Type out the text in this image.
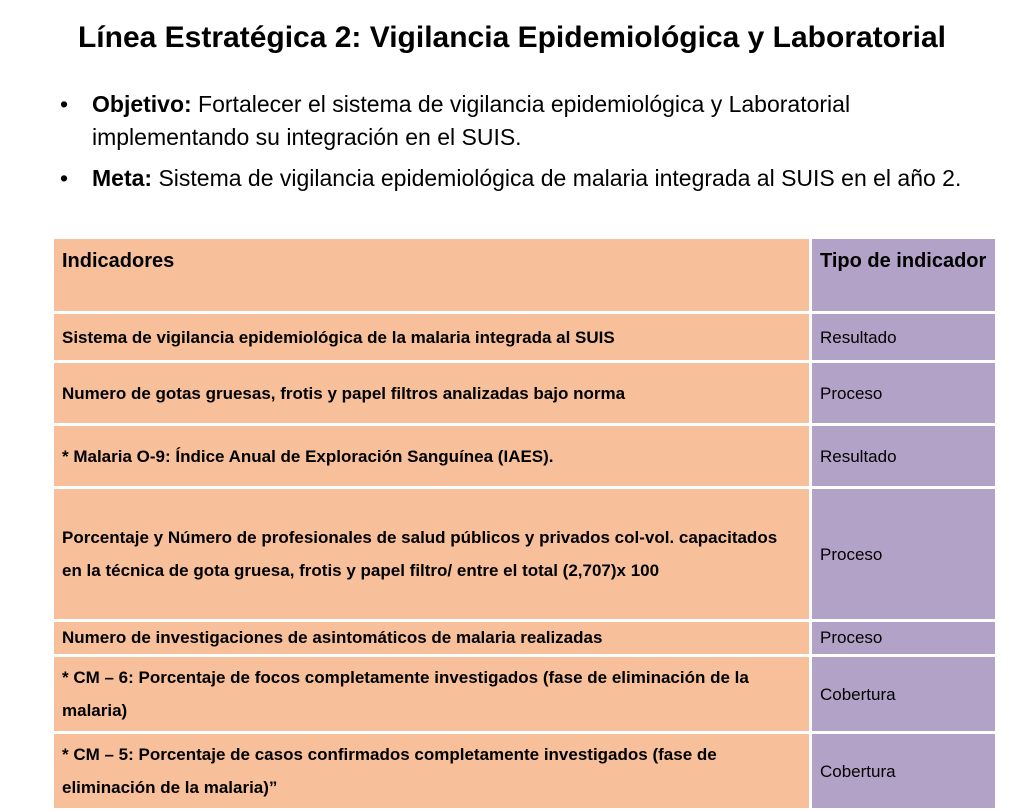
Línea Estratégica 2: Vigilancia Epidemiológica y Laboratorial
• Objetivo: Fortalecer el sistema de vigilancia epidemiológica y Laboratorial implementando su integración en el SUIS.
• Meta: Sistema de vigilancia epidemiológica de malaria integrada al SUIS en el año 2.
Indicadores	Tipo de indicador
Sistema de vigilancia epidemiológica de la malaria integrada al SUIS	Resultado
Numero de gotas gruesas, frotis y papel filtros analizadas bajo norma	Proceso
* Malaria O-9: Índice Anual de Exploración Sanguínea (IAES).	Resultado
Porcentaje y Número de profesionales de salud públicos y privados col-vol. capacitados en la técnica de gota gruesa, frotis y papel filtro/ entre el total (2,707)x 100	Proceso
Numero de investigaciones de asintomáticos de malaria realizadas	Proceso
* CM – 6: Porcentaje de focos completamente investigados (fase de eliminación de la malaria)	Cobertura
* CM – 5: Porcentaje de casos confirmados completamente investigados (fase de eliminación de la malaria)”	Cobertura
